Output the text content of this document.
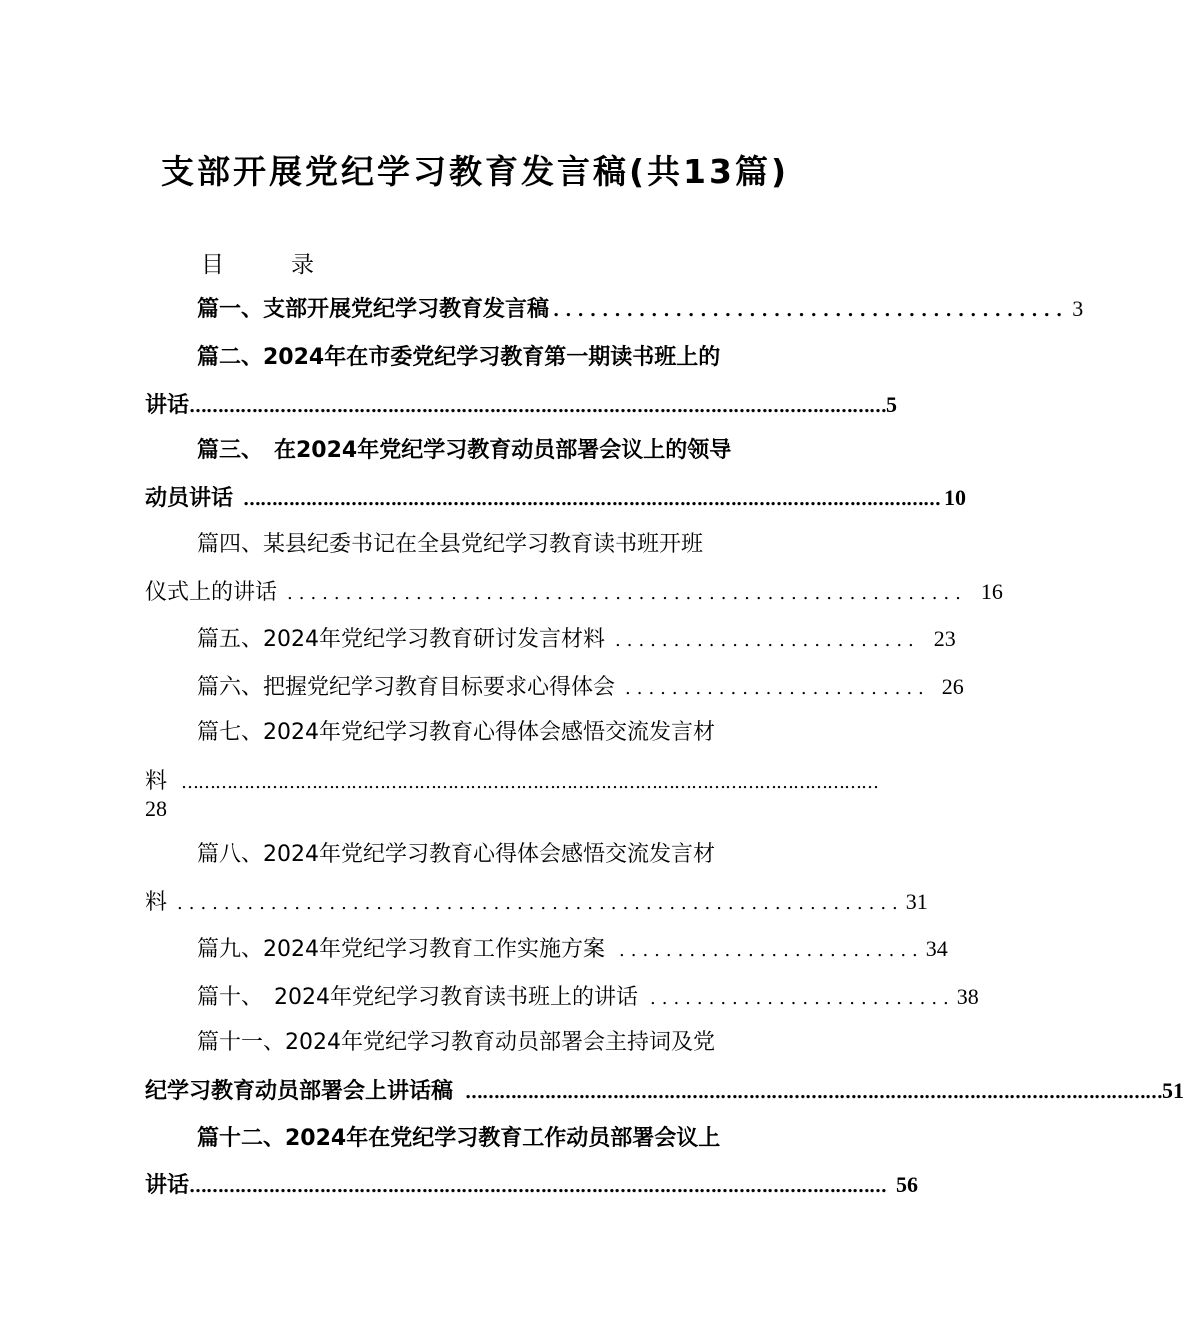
支部开展党纪学习教育发言稿(共13篇)
目　录
篇一、支部开展党纪学习教育发言稿 .......................................... 3
篇二、2024年在市委党纪学习教育第一期读书班上的
讲话 …………………………………………………………………………………………………………… 5
篇三、　在2024年党纪学习教育动员部署会议上的领导
动员讲话 …………………………………………………………………………………………………………… 10
篇四、某县纪委书记在全县党纪学习教育读书班开班
仪式上的讲话 .......................................................... 16
篇五、2024年党纪学习教育研讨发言材料 .......................... 23
篇六、把握党纪学习教育目标要求心得体会 .......................... 26
篇七、2024年党纪学习教育心得体会感悟交流发言材
料 ……………………………………………………………………………………………………………
28
篇八、2024年党纪学习教育心得体会感悟交流发言材
料 .............................................................. 31
篇九、2024年党纪学习教育工作实施方案 .......................... 34
篇十、　2024年党纪学习教育读书班上的讲话 .......................... 38
篇十一、2024年党纪学习教育动员部署会主持词及党
纪学习教育动员部署会上讲话稿 …………………………………………………………………………………………………………… 51
篇十二、2024年在党纪学习教育工作动员部署会议上
讲话 …………………………………………………………………………………………………………… 56
